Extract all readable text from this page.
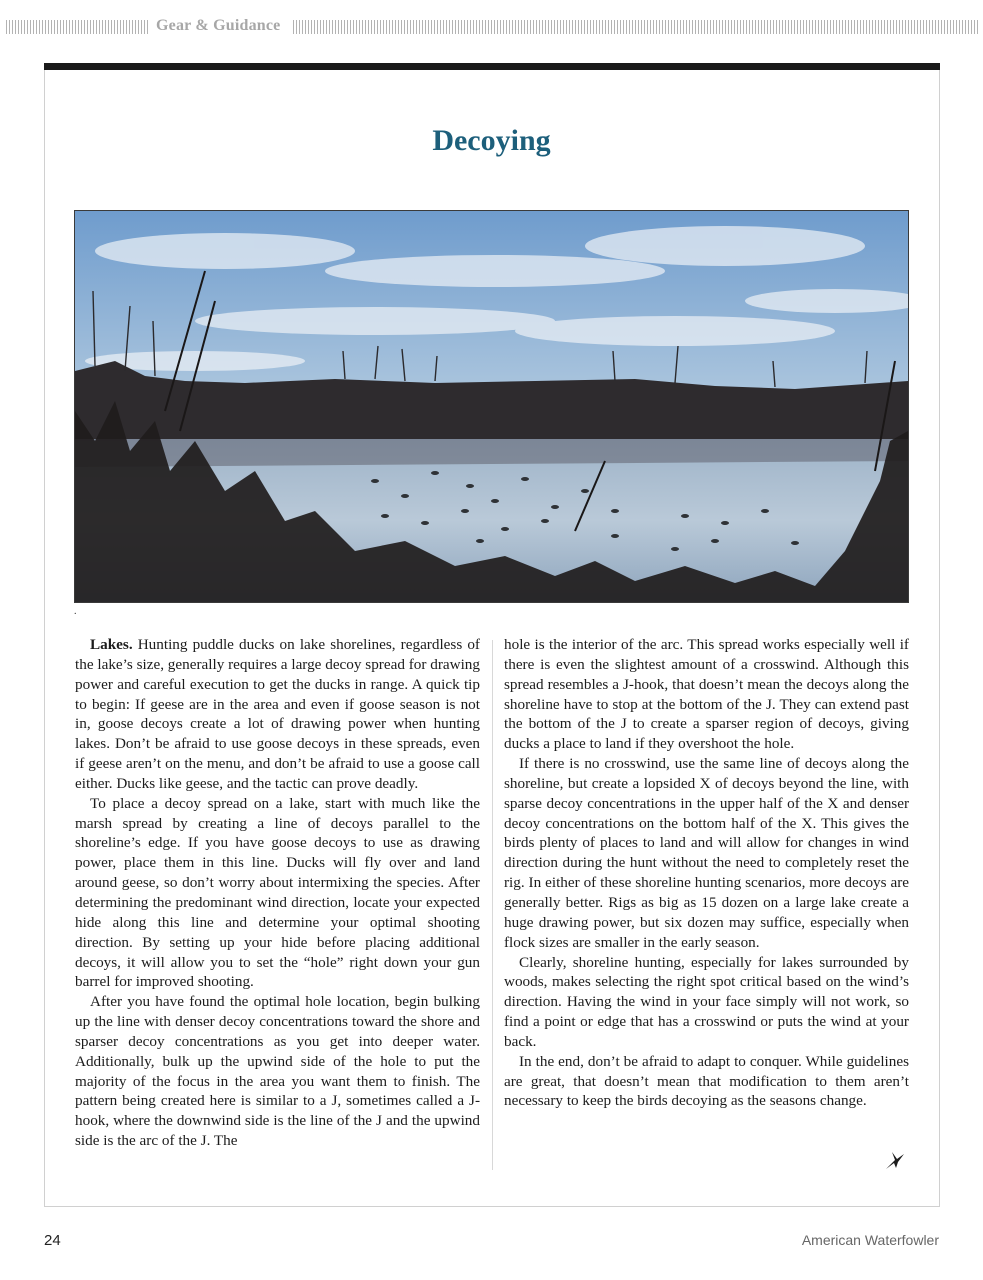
Gear & Guidance
Decoying
.

Lakes. Hunting puddle ducks on lake shorelines, regardless of the lake’s size, generally requires a large decoy spread for drawing power and careful execution to get the ducks in range. A quick tip to begin: If geese are in the area and even if goose season is not in, goose decoys create a lot of drawing power when hunting lakes. Don’t be afraid to use goose decoys in these spreads, even if geese aren’t on the menu, and don’t be afraid to use a goose call either. Ducks like geese, and the tactic can prove deadly.

To place a decoy spread on a lake, start with much like the marsh spread by creating a line of decoys parallel to the shoreline’s edge. If you have goose decoys to use as drawing power, place them in this line. Ducks will fly over and land around geese, so don’t worry about intermixing the species. After determining the predominant wind direction, locate your expected hide along this line and determine your optimal shooting direction. By setting up your hide before placing additional decoys, it will allow you to set the “hole” right down your gun barrel for improved shooting.

After you have found the optimal hole location, begin bulking up the line with denser decoy concentrations toward the shore and sparser decoy concentrations as you get into deeper water. Additionally, bulk up the upwind side of the hole to put the majority of the focus in the area you want them to finish. The pattern being created here is similar to a J, sometimes called a J-hook, where the downwind side is the line of the J and the upwind side is the arc of the J. The

hole is the interior of the arc. This spread works especially well if there is even the slightest amount of a crosswind. Although this spread resembles a J-hook, that doesn’t mean the decoys along the shoreline have to stop at the bottom of the J. They can extend past the bottom of the J to create a sparser region of decoys, giving ducks a place to land if they overshoot the hole.

If there is no crosswind, use the same line of decoys along the shoreline, but create a lopsided X of decoys beyond the line, with sparse decoy concentrations in the upper half of the X and denser decoy concentrations on the bottom half of the X. This gives the birds plenty of places to land and will allow for changes in wind direction during the hunt without the need to completely reset the rig. In either of these shoreline hunting scenarios, more decoys are generally better. Rigs as big as 15 dozen on a large lake create a huge drawing power, but six dozen may suffice, especially when flock sizes are smaller in the early season.

Clearly, shoreline hunting, especially for lakes surrounded by woods, makes selecting the right spot critical based on the wind’s direction. Having the wind in your face simply will not work, so find a point or edge that has a crosswind or puts the wind at your back.

In the end, don’t be afraid to adapt to conquer. While guidelines are great, that doesn’t mean that modification to them aren’t necessary to keep the birds decoying as the seasons change.

24	American Waterfowler
